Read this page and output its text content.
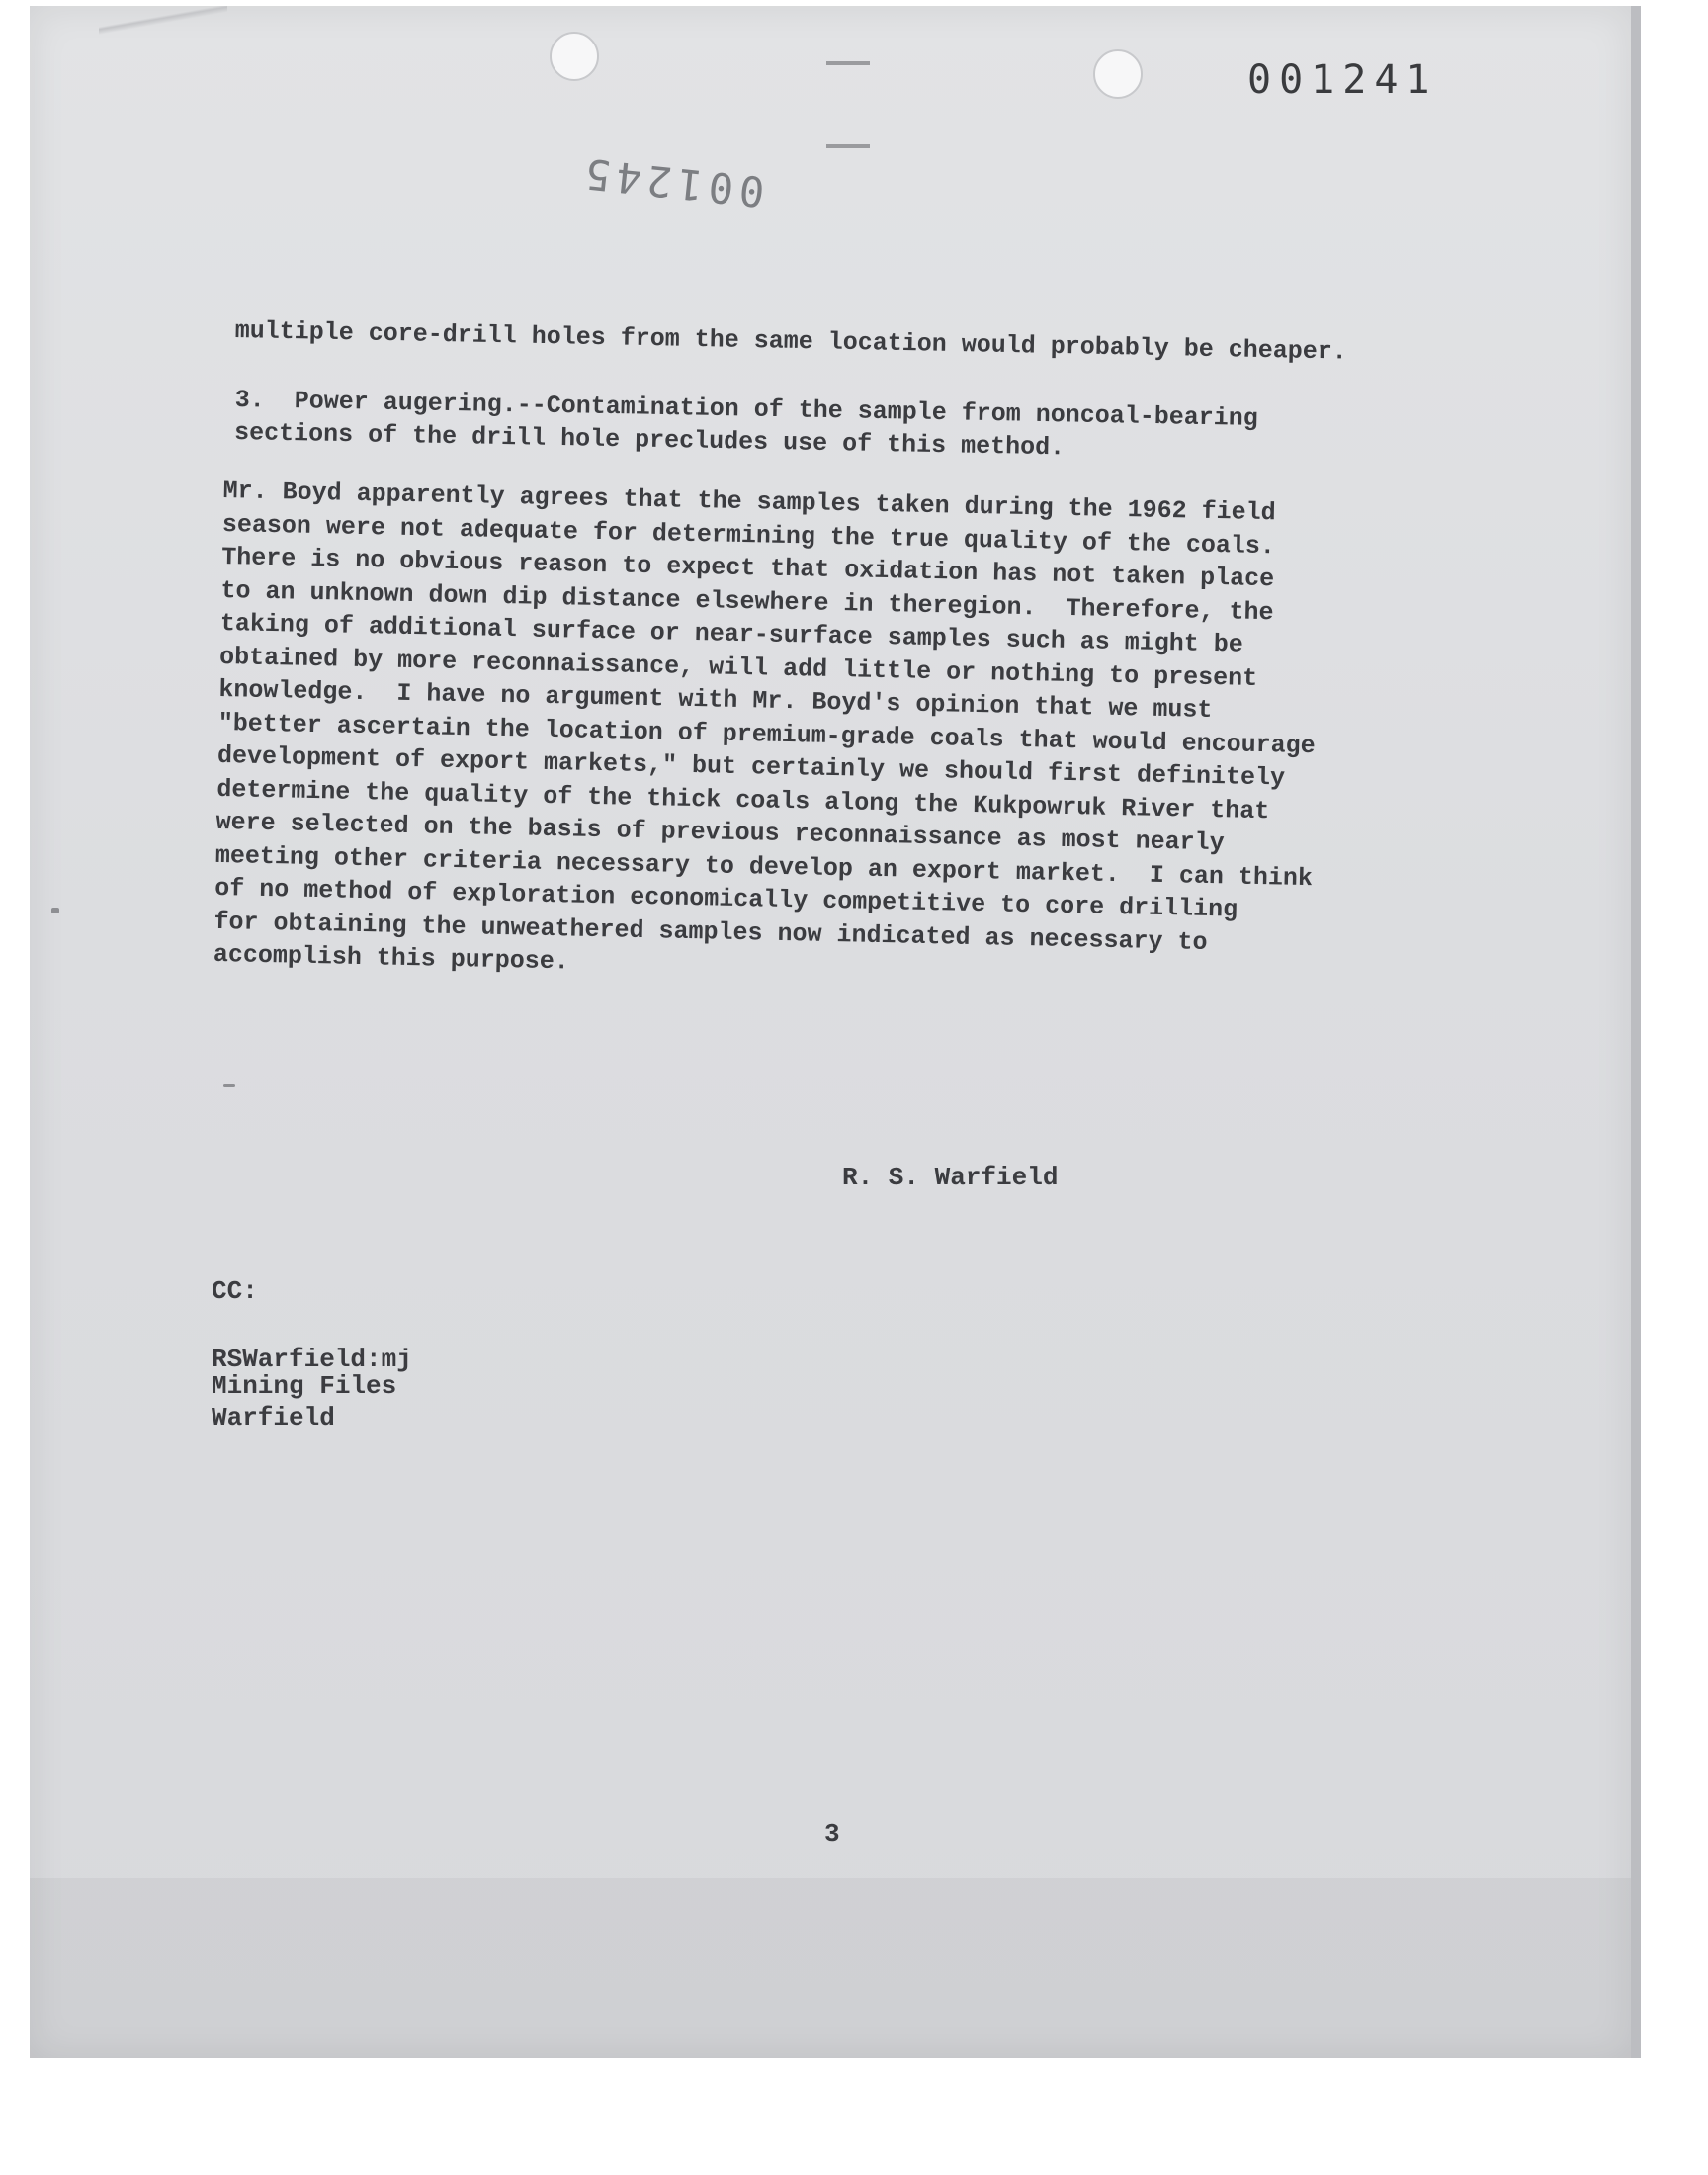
001241
001245
multiple core-drill holes from the same location would probably be cheaper.
3.  Power augering.--Contamination of the sample from noncoal-bearing
sections of the drill hole precludes use of this method.
Mr. Boyd apparently agrees that the samples taken during the 1962 field
season were not adequate for determining the true quality of the coals.
There is no obvious reason to expect that oxidation has not taken place
to an unknown down dip distance elsewhere in theregion.  Therefore, the
taking of additional surface or near-surface samples such as might be
obtained by more reconnaissance, will add little or nothing to present
knowledge.  I have no argument with Mr. Boyd's opinion that we must
"better ascertain the location of premium-grade coals that would encourage
development of export markets," but certainly we should first definitely
determine the quality of the thick coals along the Kukpowruk River that
were selected on the basis of previous reconnaissance as most nearly
meeting other criteria necessary to develop an export market.  I can think
of no method of exploration economically competitive to core drilling
for obtaining the unweathered samples now indicated as necessary to
accomplish this purpose.
R. S. Warfield

CC:

Mining Files
Warfield

RSWarfield:mj
3
